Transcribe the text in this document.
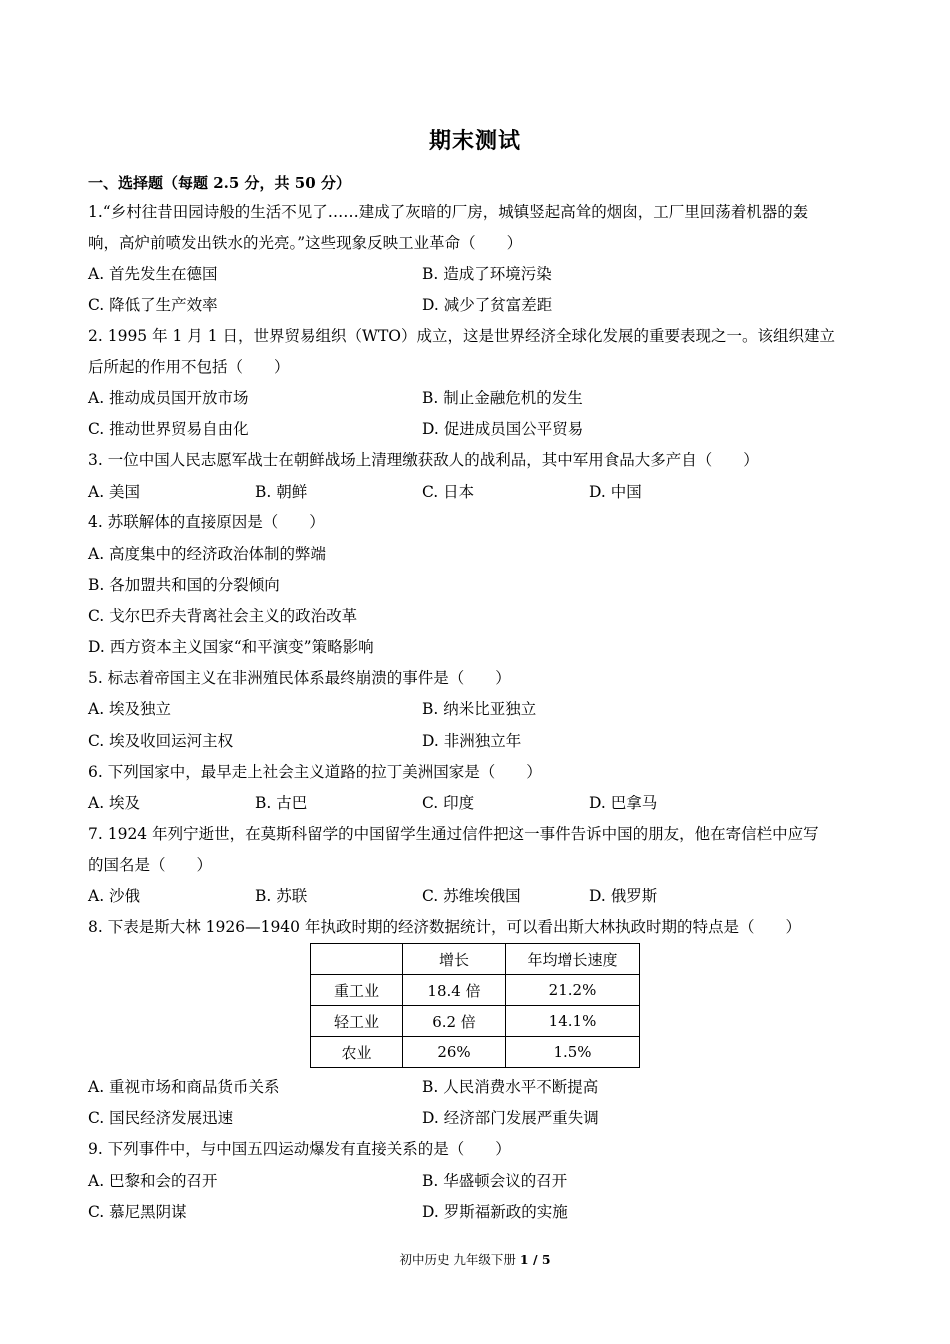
期末测试
一、选择题（每题 2.5 分，共 50 分）
1.“乡村往昔田园诗般的生活不见了……建成了灰暗的厂房，城镇竖起高耸的烟囱，工厂里回荡着机器的轰
响，高炉前喷发出铁水的光亮。”这些现象反映工业革命（　　）
A. 首先发生在德国	B. 造成了环境污染
C. 降低了生产效率	D. 减少了贫富差距
2. 1995 年 1 月 1 日，世界贸易组织（WTO）成立，这是世界经济全球化发展的重要表现之一。该组织建立
后所起的作用不包括（　　）
A. 推动成员国开放市场	B. 制止金融危机的发生
C. 推动世界贸易自由化	D. 促进成员国公平贸易
3. 一位中国人民志愿军战士在朝鲜战场上清理缴获敌人的战利品，其中军用食品大多产自（　　）
A. 美国	B. 朝鲜	C. 日本	D. 中国
4. 苏联解体的直接原因是（　　）
A. 高度集中的经济政治体制的弊端
B. 各加盟共和国的分裂倾向
C. 戈尔巴乔夫背离社会主义的政治改革
D. 西方资本主义国家“和平演变”策略影响
5. 标志着帝国主义在非洲殖民体系最终崩溃的事件是（　　）
A. 埃及独立	B. 纳米比亚独立
C. 埃及收回运河主权	D. 非洲独立年
6. 下列国家中，最早走上社会主义道路的拉丁美洲国家是（　　）
A. 埃及	B. 古巴	C. 印度	D. 巴拿马
7. 1924 年列宁逝世，在莫斯科留学的中国留学生通过信件把这一事件告诉中国的朋友，他在寄信栏中应写
的国名是（　　）
A. 沙俄	B. 苏联	C. 苏维埃俄国	D. 俄罗斯
8. 下表是斯大林 1926—1940 年执政时期的经济数据统计，可以看出斯大林执政时期的特点是（　　）
	增长	年均增长速度
重工业	18.4 倍	21.2%
轻工业	6.2 倍	14.1%
农业	26%	1.5%
A. 重视市场和商品货币关系	B. 人民消费水平不断提高
C. 国民经济发展迅速	D. 经济部门发展严重失调
9. 下列事件中，与中国五四运动爆发有直接关系的是（　　）
A. 巴黎和会的召开	B. 华盛顿会议的召开
C. 慕尼黑阴谋	D. 罗斯福新政的实施
初中历史 九年级下册 1 / 5
